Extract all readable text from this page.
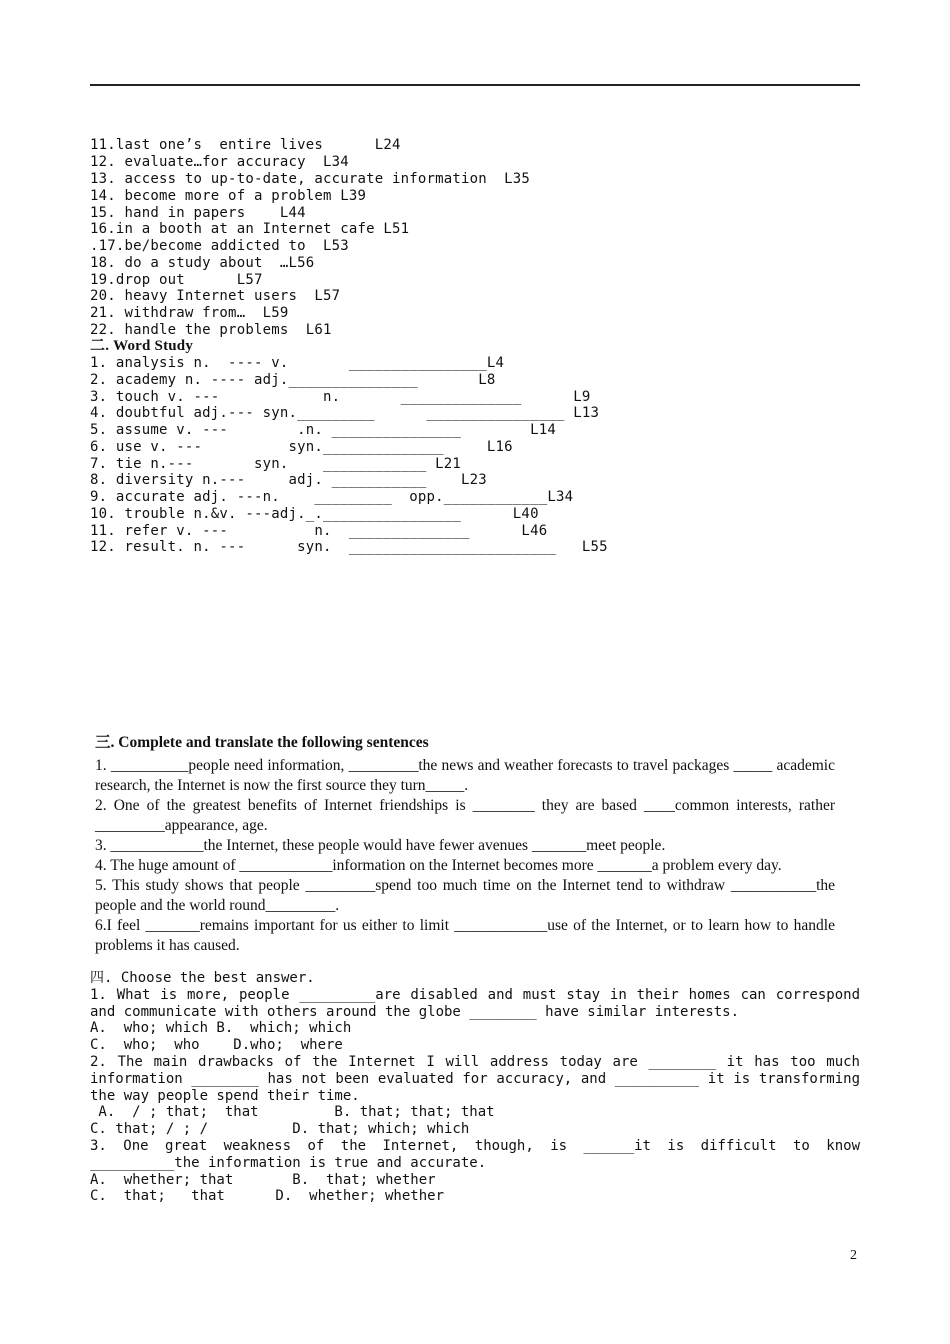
11.last one’s  entire lives      L24
12. evaluate…for accuracy  L34
13. access to up-to-date, accurate information  L35
14. become more of a problem L39
15. hand in papers    L44
16.in a booth at an Internet cafe L51
.17.be/become addicted to  L53
18. do a study about  …L56
19.drop out      L57
20. heavy Internet users  L57
21. withdraw from…  L59
22. handle the problems  L61
二. Word Study
1. analysis n.  ---- v.       ________________L4
2. academy n. ---- adj._______________       L8
3. touch v. ---            n.       ______________      L9
4. doubtful adj.--- syn._________      ________________ L13
5. assume v. ---        .n. _______________        L14
6. use v. ---          syn.______________     L16
7. tie n.---       syn.    ____________ L21
8. diversity n.---     adj. ___________    L23
9. accurate adj. ---n.    _________  opp.____________L34
10. trouble n.&v. ---adj._.________________      L40
11. refer v. ---          n.  ______________      L46
12. result. n. ---      syn.  ________________________   L55
三. Complete and translate the following sentences

1. __________people need information, _________the news and weather forecasts to travel packages _____ academic research, the Internet is now the first source they turn_____.

2. One of the greatest benefits of Internet friendships is ________ they are based ____common interests, rather _________appearance, age.

3. ____________the Internet, these people would have fewer avenues _______meet people.

4. The huge amount of ____________information on the Internet becomes more _______a problem every day.

5. This study shows that people _________spend too much time on the Internet tend to withdraw ___________the people and the world round_________.

6.I feel _______remains important for us either to limit ____________use of the Internet, or to learn how to handle problems it has caused.

四. Choose the best answer.

1. What is more, people _________are disabled and must stay in their homes can correspond and communicate with others around the globe ________ have similar interests.

A.  who; which B.  which; which

C.  who;  who    D.who;  where

2. The main drawbacks of the Internet I will address today are ________ it has too much information ________ has not been evaluated for accuracy, and __________ it is transforming the way people spend their time.

A.  / ; that;  that         B. that; that; that

C. that; / ; /          D. that; which; which

3. One great weakness of the Internet, though, is ______it is difficult to know __________the information is true and accurate.

A.  whether; that       B.  that; whether

C.  that;   that      D.  whether; whether

2
